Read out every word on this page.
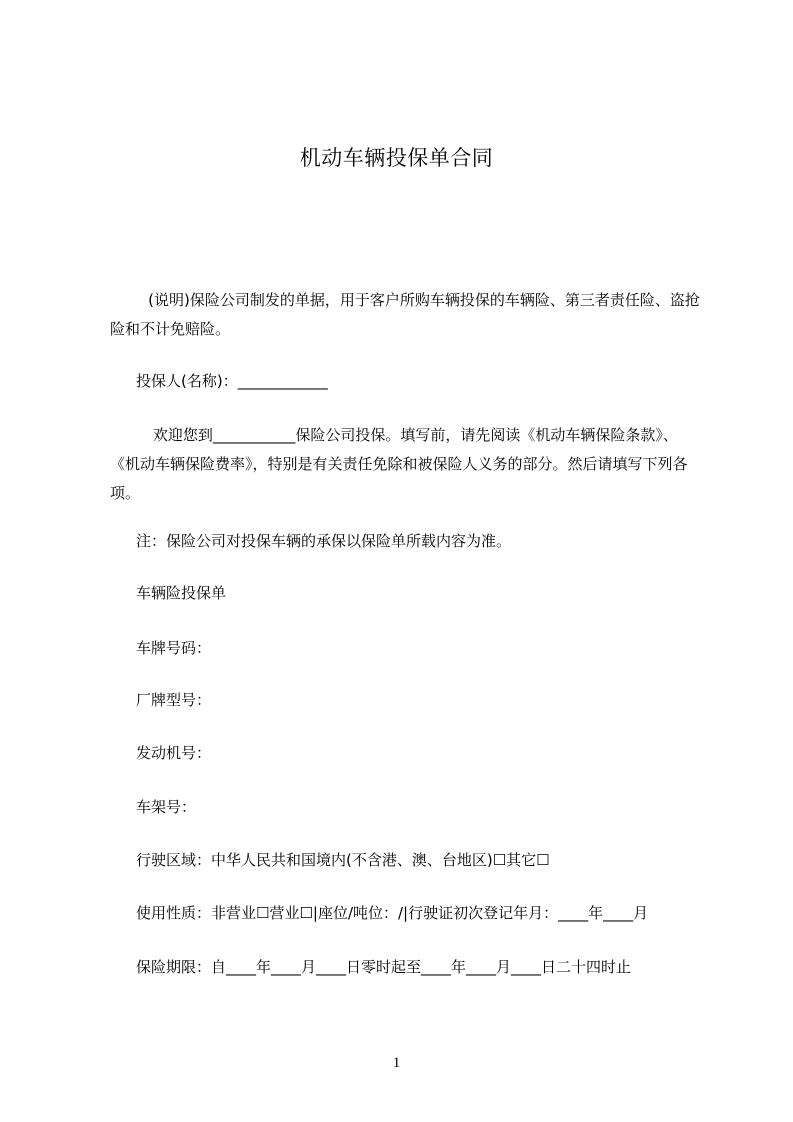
机动车辆投保单合同
(说明)保险公司制发的单据，用于客户所购车辆投保的车辆险、第三者责任险、盗抢险和不计免赔险。
投保人(名称)：____________
欢迎您到___________保险公司投保。填写前，请先阅读《机动车辆保险条款》、《机动车辆保险费率》，特别是有关责任免除和被保险人义务的部分。然后请填写下列各项。
注：保险公司对投保车辆的承保以保险单所载内容为准。
车辆险投保单
车牌号码：
厂牌型号：
发动机号：
车架号：
行驶区域：中华人民共和国境内(不含港、澳、台地区)☐其它☐
使用性质：非营业☐营业☐|座位/吨位：/|行驶证初次登记年月：____年____月
保险期限：自____年____月____日零时起至____年____月____日二十四时止
1
